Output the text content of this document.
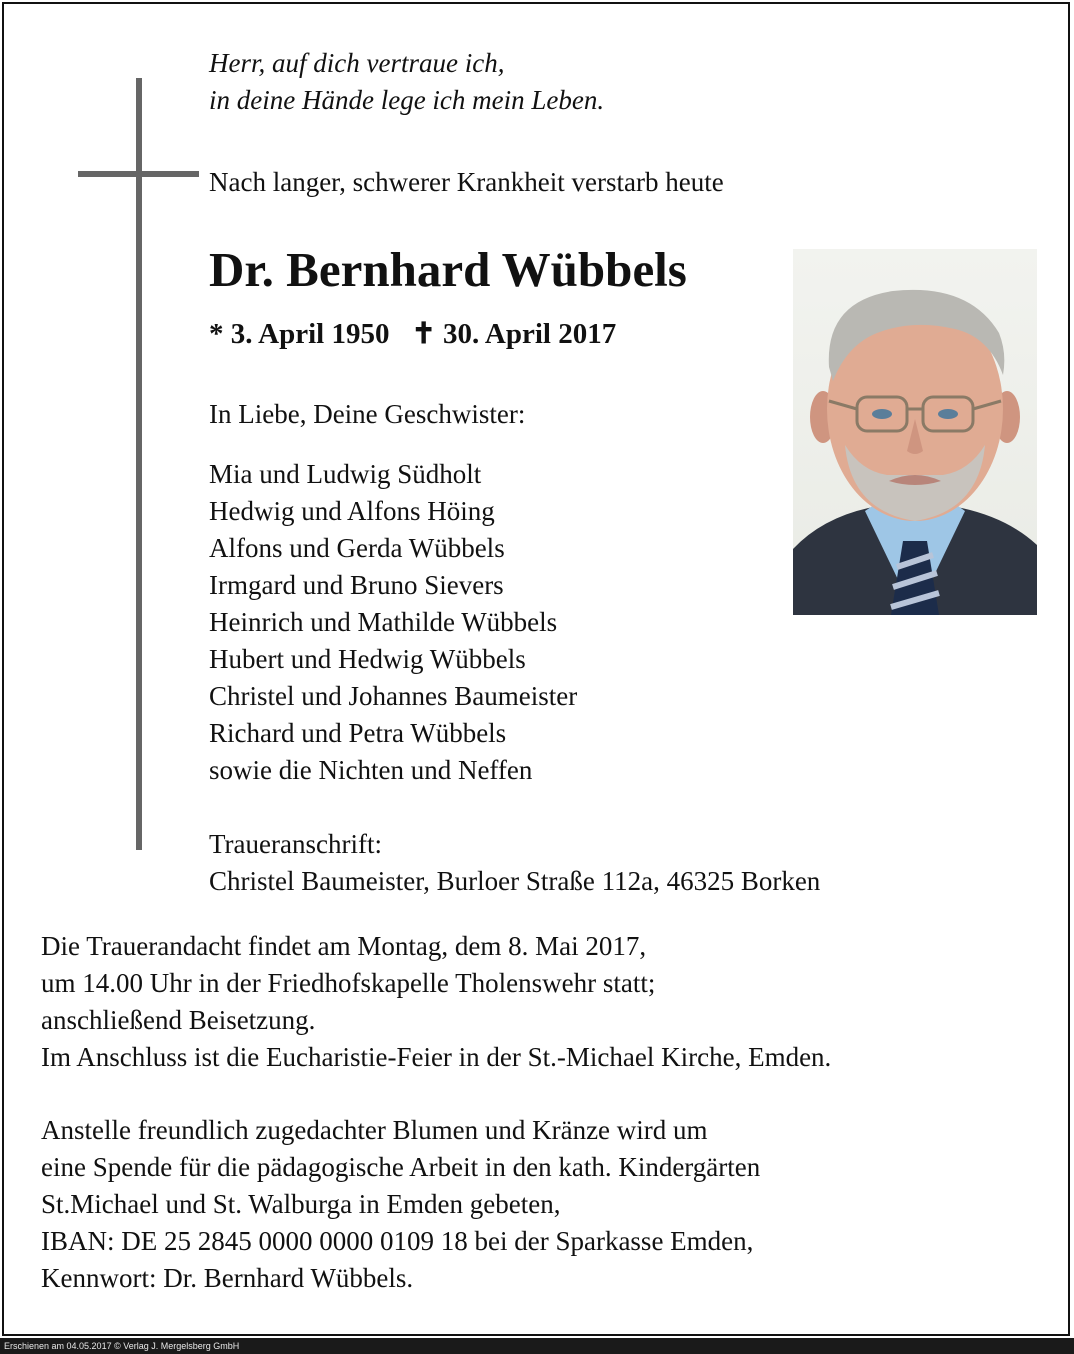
Herr, auf dich vertraue ich,
in deine Hände lege ich mein Leben.
Nach langer, schwerer Krankheit verstarb heute
Dr. Bernhard Wübbels
* 3. April 1950 ✝ 30. April 2017
In Liebe, Deine Geschwister:
Mia und Ludwig Südholt
Hedwig und Alfons Höing
Alfons und Gerda Wübbels
Irmgard und Bruno Sievers
Heinrich und Mathilde Wübbels
Hubert und Hedwig Wübbels
Christel und Johannes Baumeister
Richard und Petra Wübbels
sowie die Nichten und Neffen
Traueranschrift:
Christel Baumeister, Burloer Straße 112a, 46325 Borken
Die Trauerandacht findet am Montag, dem 8. Mai 2017,
um 14.00 Uhr in der Friedhofskapelle Tholenswehr statt;
anschließend Beisetzung.
Im Anschluss ist die Eucharistie-Feier in der St.-Michael Kirche, Emden.
Anstelle freundlich zugedachter Blumen und Kränze wird um
eine Spende für die pädagogische Arbeit in den kath. Kindergärten
St.Michael und St. Walburga in Emden gebeten,
IBAN: DE 25 2845 0000 0000 0109 18 bei der Sparkasse Emden,
Kennwort: Dr. Bernhard Wübbels.
Erschienen am 04.05.2017 © Verlag J. Mergelsberg GmbH
